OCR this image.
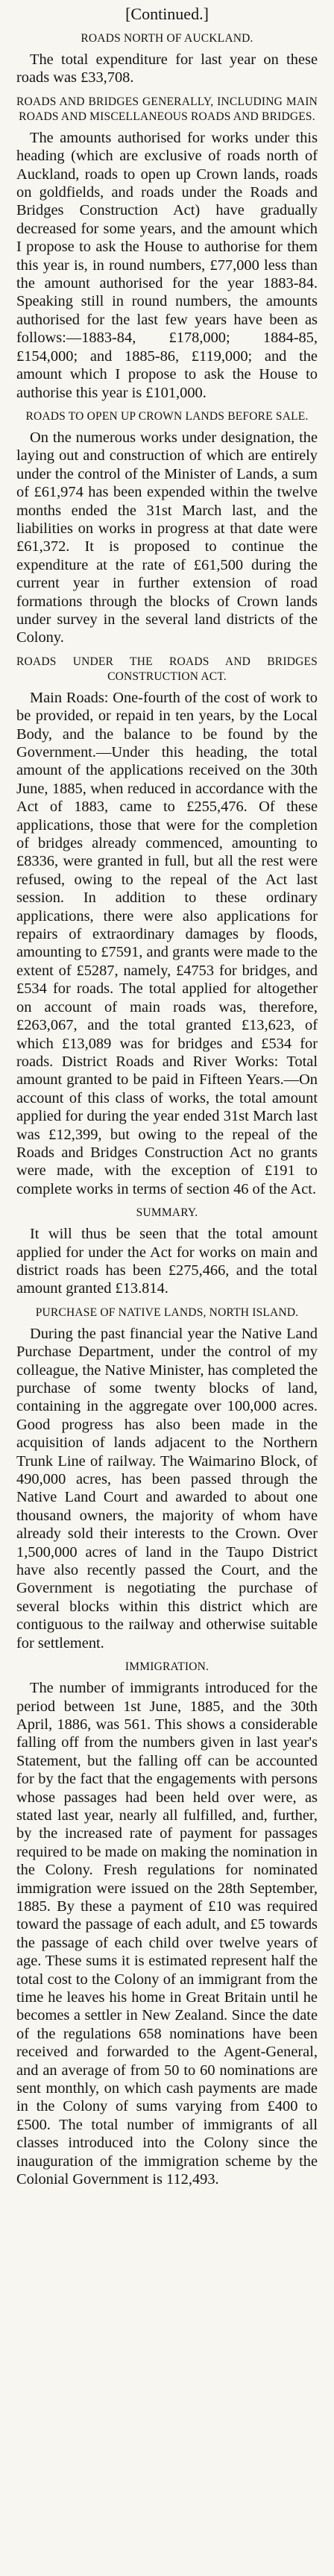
[Continued.]
ROADS NORTH OF AUCKLAND.

The total expenditure for last year on these roads was £33,708.

ROADS AND BRIDGES GENERALLY, INCLUDING MAIN ROADS AND MISCELLANEOUS ROADS AND BRIDGES.

The amounts authorised for works under this heading (which are exclusive of roads north of Auckland, roads to open up Crown lands, roads on goldfields, and roads under the Roads and Bridges Construction Act) have gradually decreased for some years, and the amount which I propose to ask the House to authorise for them this year is, in round numbers, £77,000 less than the amount authorised for the year 1883-84. Speaking still in round numbers, the amounts authorised for the last few years have been as follows:—1883-84, £178,000; 1884-85, £154,000; and 1885-86, £119,000; and the amount which I propose to ask the House to authorise this year is £101,000.

ROADS TO OPEN UP CROWN LANDS BEFORE SALE.

On the numerous works under designation, the laying out and construction of which are entirely under the control of the Minister of Lands, a sum of £61,974 has been expended within the twelve months ended the 31st March last, and the liabilities on works in progress at that date were £61,372. It is proposed to continue the expenditure at the rate of £61,500 during the current year in further extension of road formations through the blocks of Crown lands under survey in the several land districts of the Colony.

ROADS UNDER THE ROADS AND BRIDGES CONSTRUCTION ACT.

Main Roads: One-fourth of the cost of work to be provided, or repaid in ten years, by the Local Body, and the balance to be found by the Government.—Under this heading, the total amount of the applications received on the 30th June, 1885, when reduced in accordance with the Act of 1883, came to £255,476. Of these applications, those that were for the completion of bridges already commenced, amounting to £8336, were granted in full, but all the rest were refused, owing to the repeal of the Act last session. In addition to these ordinary applications, there were also applications for repairs of extraordinary damages by floods, amounting to £7591, and grants were made to the extent of £5287, namely, £4753 for bridges, and £534 for roads. The total applied for altogether on account of main roads was, therefore, £263,067, and the total granted £13,623, of which £13,089 was for bridges and £534 for roads. District Roads and River Works: Total amount granted to be paid in Fifteen Years.—On account of this class of works, the total amount applied for during the year ended 31st March last was £12,399, but owing to the repeal of the Roads and Bridges Construction Act no grants were made, with the exception of £191 to complete works in terms of section 46 of the Act.

SUMMARY.

It will thus be seen that the total amount applied for under the Act for works on main and district roads has been £275,466, and the total amount granted £13.814.

PURCHASE OF NATIVE LANDS, NORTH ISLAND.

During the past financial year the Native Land Purchase Department, under the control of my colleague, the Native Minister, has completed the purchase of some twenty blocks of land, containing in the aggregate over 100,000 acres. Good progress has also been made in the acquisition of lands adjacent to the Northern Trunk Line of railway. The Waimarino Block, of 490,000 acres, has been passed through the Native Land Court and awarded to about one thousand owners, the majority of whom have already sold their interests to the Crown. Over 1,500,000 acres of land in the Taupo District have also recently passed the Court, and the Government is negotiating the purchase of several blocks within this district which are contiguous to the railway and otherwise suitable for settlement.

IMMIGRATION.

The number of immigrants introduced for the period between 1st June, 1885, and the 30th April, 1886, was 561. This shows a considerable falling off from the numbers given in last year's Statement, but the falling off can be accounted for by the fact that the engagements with persons whose passages had been held over were, as stated last year, nearly all fulfilled, and, further, by the increased rate of payment for passages required to be made on making the nomination in the Colony. Fresh regulations for nominated immigration were issued on the 28th September, 1885. By these a payment of £10 was required toward the passage of each adult, and £5 towards the passage of each child over twelve years of age. These sums it is estimated represent half the total cost to the Colony of an immigrant from the time he leaves his home in Great Britain until he becomes a settler in New Zealand. Since the date of the regulations 658 nominations have been received and forwarded to the Agent-General, and an average of from 50 to 60 nominations are sent monthly, on which cash payments are made in the Colony of sums varying from £400 to £500. The total number of immigrants of all classes introduced into the Colony since the inauguration of the immigration scheme by the Colonial Government is 112,493.
